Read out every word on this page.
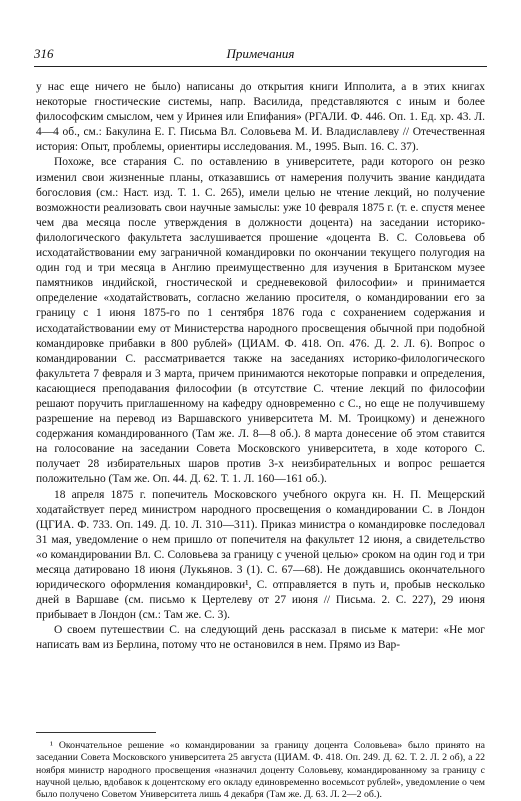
316	Примечания

у нас еще ничего не было) написаны до открытия книги Ипполита, а в этих книгах некоторые гностические системы, напр. Василида, представляются с иным и более философским смыслом, чем у Иринея или Епифания» (РГАЛИ. Ф. 446. Оп. 1. Ед. хр. 43. Л. 4—4 об., см.: Бакулина Е. Г. Письма Вл. Соловьева М. И. Владиславлеву // Отечественная история: Опыт, проблемы, ориентиры исследования. М., 1995. Вып. 16. С. 37).

Похоже, все старания С. по оставлению в университете, ради которого он резко изменил свои жизненные планы, отказавшись от намерения получить звание кандидата богословия (см.: Наст. изд. Т. 1. С. 265), имели целью не чтение лекций, но получение возможности реализовать свои научные замыслы: уже 10 февраля 1875 г. (т. е. спустя менее чем два месяца после утверждения в должности доцента) на заседании историко-филологического факультета заслушивается прошение «доцента В. С. Соловьева об исходатайствовании ему заграничной командировки по окончании текущего полугодия на один год и три месяца в Англию преимущественно для изучения в Британском музее памятников индийской, гностической и средневековой философии» и принимается определение «ходатайствовать, согласно желанию просителя, о командировании его за границу с 1 июня 1875-го по 1 сентября 1876 года с сохранением содержания и исходатайствовании ему от Министерства народного просвещения обычной при подобной командировке прибавки в 800 рублей» (ЦИАМ. Ф. 418. Оп. 476. Д. 2. Л. 6). Вопрос о командировании С. рассматривается также на заседаниях историко-филологического факультета 7 февраля и 3 марта, причем принимаются некоторые поправки и определения, касающиеся преподавания философии (в отсутствие С. чтение лекций по философии решают поручить приглашенному на кафедру одновременно с С., но еще не получившему разрешение на перевод из Варшавского университета М. М. Троицкому) и денежного содержания командированного (Там же. Л. 8—8 об.). 8 марта донесение об этом ставится на голосование на заседании Совета Московского университета, в ходе которого С. получает 28 избирательных шаров против 3-х неизбирательных и вопрос решается положительно (Там же. Оп. 44. Д. 62. Т. 1. Л. 160—161 об.).

18 апреля 1875 г. попечитель Московского учебного округа кн. Н. П. Мещерский ходатайствует перед министром народного просвещения о командировании С. в Лондон (ЦГИА. Ф. 733. Оп. 149. Д. 10. Л. 310—311). Приказ министра о командировке последовал 31 мая, уведомление о нем пришло от попечителя на факультет 12 июня, а свидетельство «о командировании Вл. С. Соловьева за границу с ученой целью» сроком на один год и три месяца датировано 18 июня (Лукьянов. 3 (1). С. 67—68). Не дождавшись окончательного юридического оформления командировки¹, С. отправляется в путь и, пробыв несколько дней в Варшаве (см. письмо к Цертелеву от 27 июня // Письма. 2. С. 227), 29 июня прибывает в Лондон (см.: Там же. С. 3).

О своем путешествии С. на следующий день рассказал в письме к матери: «Не мог написать вам из Берлина, потому что не остановился в нем. Прямо из Вар-

¹ Окончательное решение «о командировании за границу доцента Соловьева» было принято на заседании Совета Московского университета 25 августа (ЦИАМ. Ф. 418. Оп. 249. Д. 62. Т. 2. Л. 2 об), а 22 ноября министр народного просвещения «назначил доценту Соловьеву, командированному за границу с научной целью, вдобавок к доцентскому его окладу единовременно восемьсот рублей», уведомление о чем было получено Советом Университета лишь 4 декабря (Там же. Д. 63. Л. 2—2 об.).
